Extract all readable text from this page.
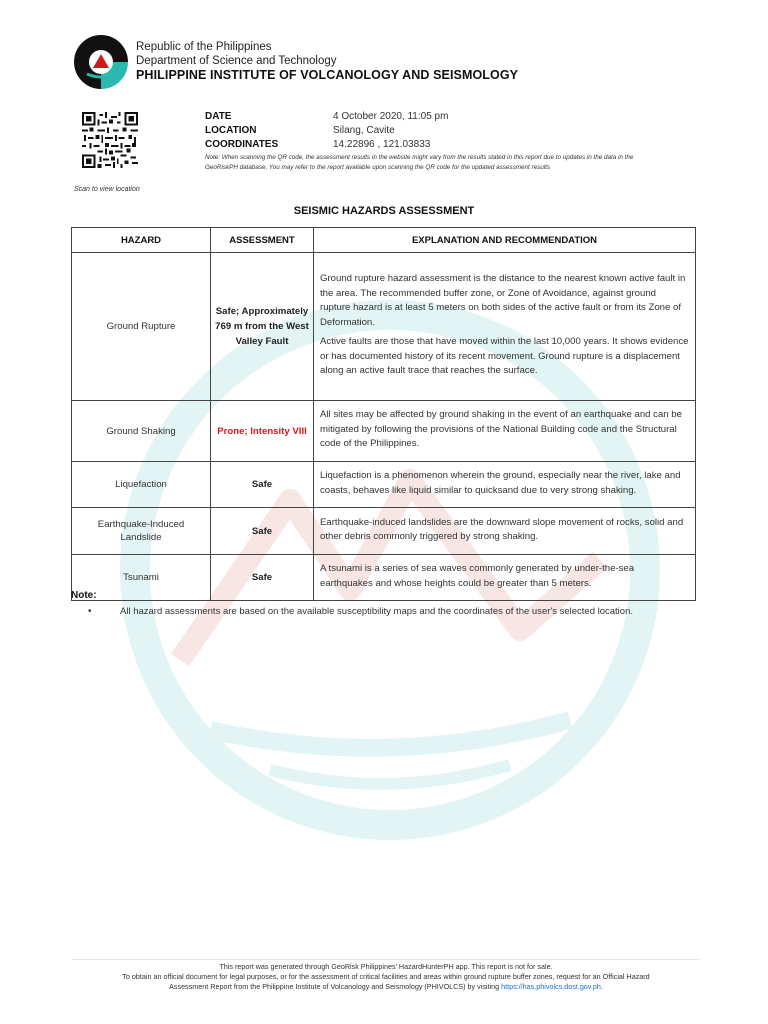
Republic of the Philippines
Department of Science and Technology
PHILIPPINE INSTITUTE OF VOLCANOLOGY AND SEISMOLOGY
Scan to view location
DATE	4 October 2020, 11:05 pm
LOCATION	Silang, Cavite
COORDINATES	14.22896 , 121.03833
Note: When scanning the QR code, the assessment results in the website might vary from the results stated in this report due to updates in the data in the GeoRiskPH database. You may refer to the report available upon scanning the QR code for the updated assessment results
SEISMIC HAZARDS ASSESSMENT
HAZARD	ASSESSMENT	EXPLANATION AND RECOMMENDATION
Ground Rupture	Safe; Approximately 769 m from the West Valley Fault	Ground rupture hazard assessment is the distance to the nearest known active fault in the area. The recommended buffer zone, or Zone of Avoidance, against ground rupture hazard is at least 5 meters on both sides of the active fault or from its Zone of Deformation.

Active faults are those that have moved within the last 10,000 years. It shows evidence or has documented history of its recent movement. Ground rupture is a displacement along an active fault trace that reaches the surface.

Ground Shaking	Prone; Intensity VIII	All sites may be affected by ground shaking in the event of an earthquake and can be mitigated by following the provisions of the National Building code and the Structural code of the Philippines.

Liquefaction	Safe	Liquefaction is a phenomenon wherein the ground, especially near the river, lake and coasts, behaves like liquid similar to quicksand due to very strong shaking.

Earthquake-Induced Landslide	Safe	Earthquake-induced landslides are the downward slope movement of rocks, solid and other debris commonly triggered by strong shaking.

Tsunami	Safe	A tsunami is a series of sea waves commonly generated by under-the-sea earthquakes and whose heights could be greater than 5 meters.

Note:
•	All hazard assessments are based on the available susceptibility maps and the coordinates of the user's selected location.
This report was generated through GeoRisk Philippines' HazardHunterPH app. This report is not for sale.
To obtain an official document for legal purposes, or for the assessment of critical facilities and areas within ground rupture buffer zones, request for an Official Hazard
Assessment Report from the Philippine Institute of Volcanology and Seismology (PHIVOLCS) by visiting https://has.phivolcs.dost.gov.ph.
